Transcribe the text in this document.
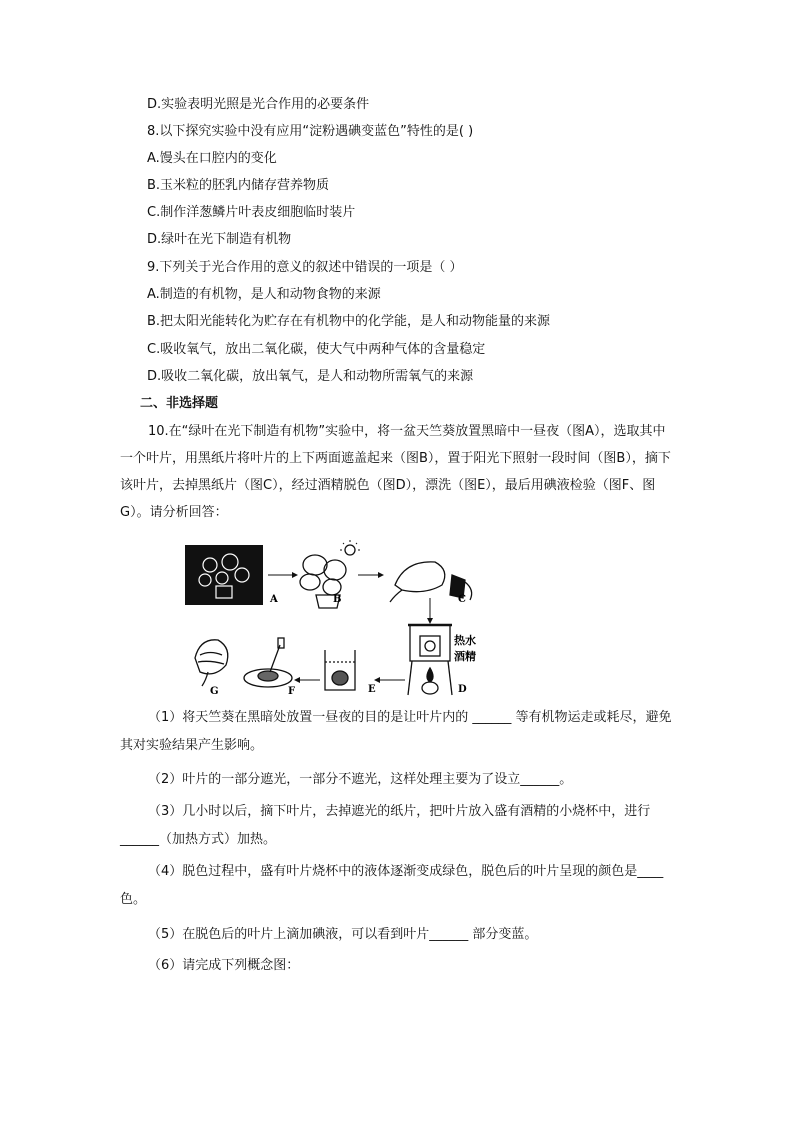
D.实验表明光照是光合作用的必要条件
8.以下探究实验中没有应用“淀粉遇碘变蓝色”特性的是( )
A.馒头在口腔内的变化
B.玉米粒的胚乳内储存营养物质
C.制作洋葱鳞片叶表皮细胞临时装片
D.绿叶在光下制造有机物
9.下列关于光合作用的意义的叙述中错误的一项是（ ）
A.制造的有机物，是人和动物食物的来源
B.把太阳光能转化为贮存在有机物中的化学能，是人和动物能量的来源
C.吸收氧气，放出二氧化碳，使大气中两种气体的含量稳定
D.吸收二氧化碳，放出氧气，是人和动物所需氧气的来源
二、非选择题
10.在“绿叶在光下制造有机物”实验中，将一盆天竺葵放置黑暗中一昼夜（图A），选取其中一个叶片，用黑纸片将叶片的上下两面遮盖起来（图B），置于阳光下照射一段时间（图B），摘下该叶片，去掉黑纸片（图C），经过酒精脱色（图D），漂洗（图E），最后用碘液检验（图F、图G）。请分析回答：
A	B	C
热水
酒精
D
E
F
G
（1）将天竺葵在黑暗处放置一昼夜的目的是让叶片内的 ______ 等有机物运走或耗尽，避免其对实验结果产生影响。
（2）叶片的一部分遮光，一部分不遮光，这样处理主要为了设立______。
（3）几小时以后，摘下叶片，去掉遮光的纸片，把叶片放入盛有酒精的小烧杯中，进行______（加热方式）加热。
（4）脱色过程中，盛有叶片烧杯中的液体逐渐变成绿色，脱色后的叶片呈现的颜色是____ 色。
（5）在脱色后的叶片上滴加碘液，可以看到叶片______ 部分变蓝。
（6）请完成下列概念图：
